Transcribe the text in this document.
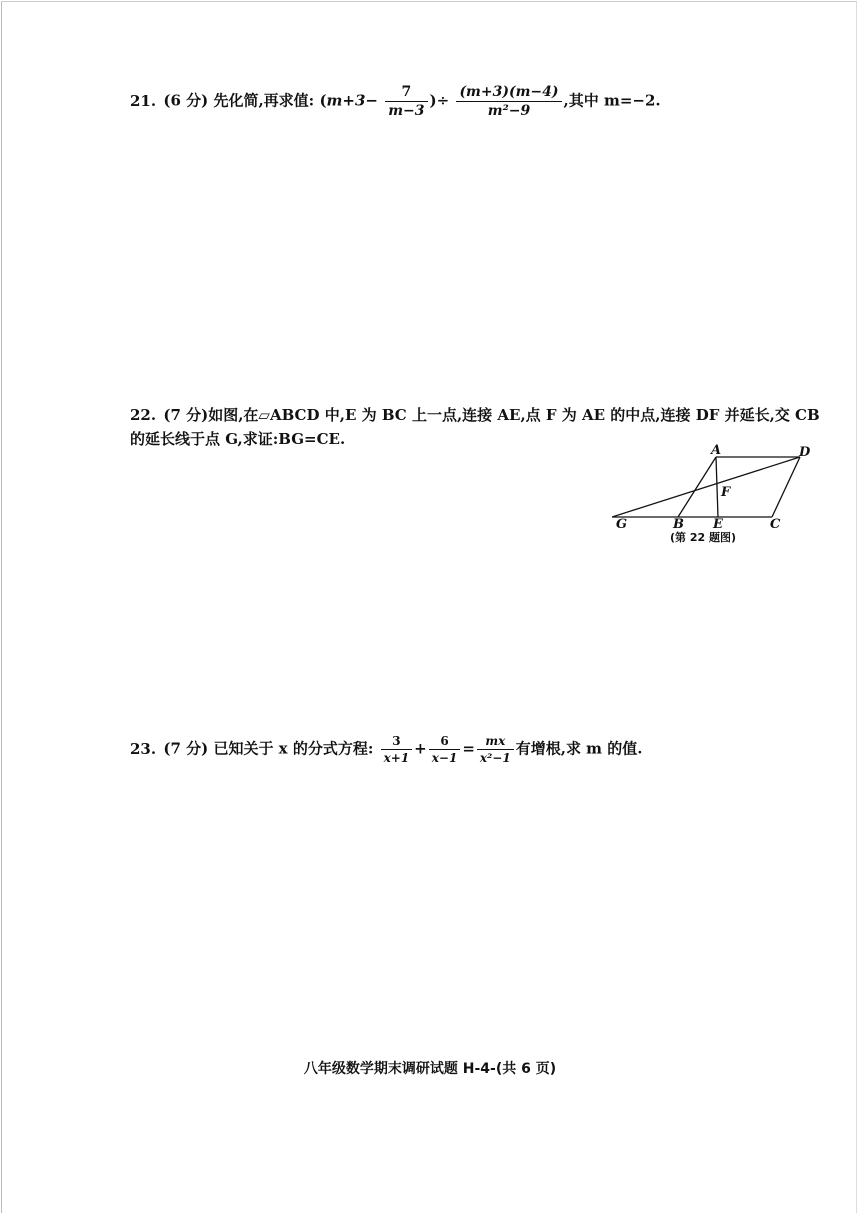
21. (6 分) 先化简,再求值: ($m+3- \frac{7}{m-3}$ )÷ $\frac{(m+3)(m-4)}{\text{m²−9}}$ ,其中 m=−2.
22. (7 分)如图,在▱ABCD 中,E 为 BC 上一点,连接 AE,点 F 为 AE 的中点,连接 DF 并延长,交 CB 的延长线于点 G,求证:BG=CE.
A	D
F
G	B E	C
(第 22 题图)
23. (7 分) 已知关于 x 的分式方程: $\frac{3}{x+1} + \frac{6}{x-1} = \frac{mx}{\text{x²−1}}$ 有增根,求 m 的值.
八年级数学期末调研试题 H-4-(共 6 页)
